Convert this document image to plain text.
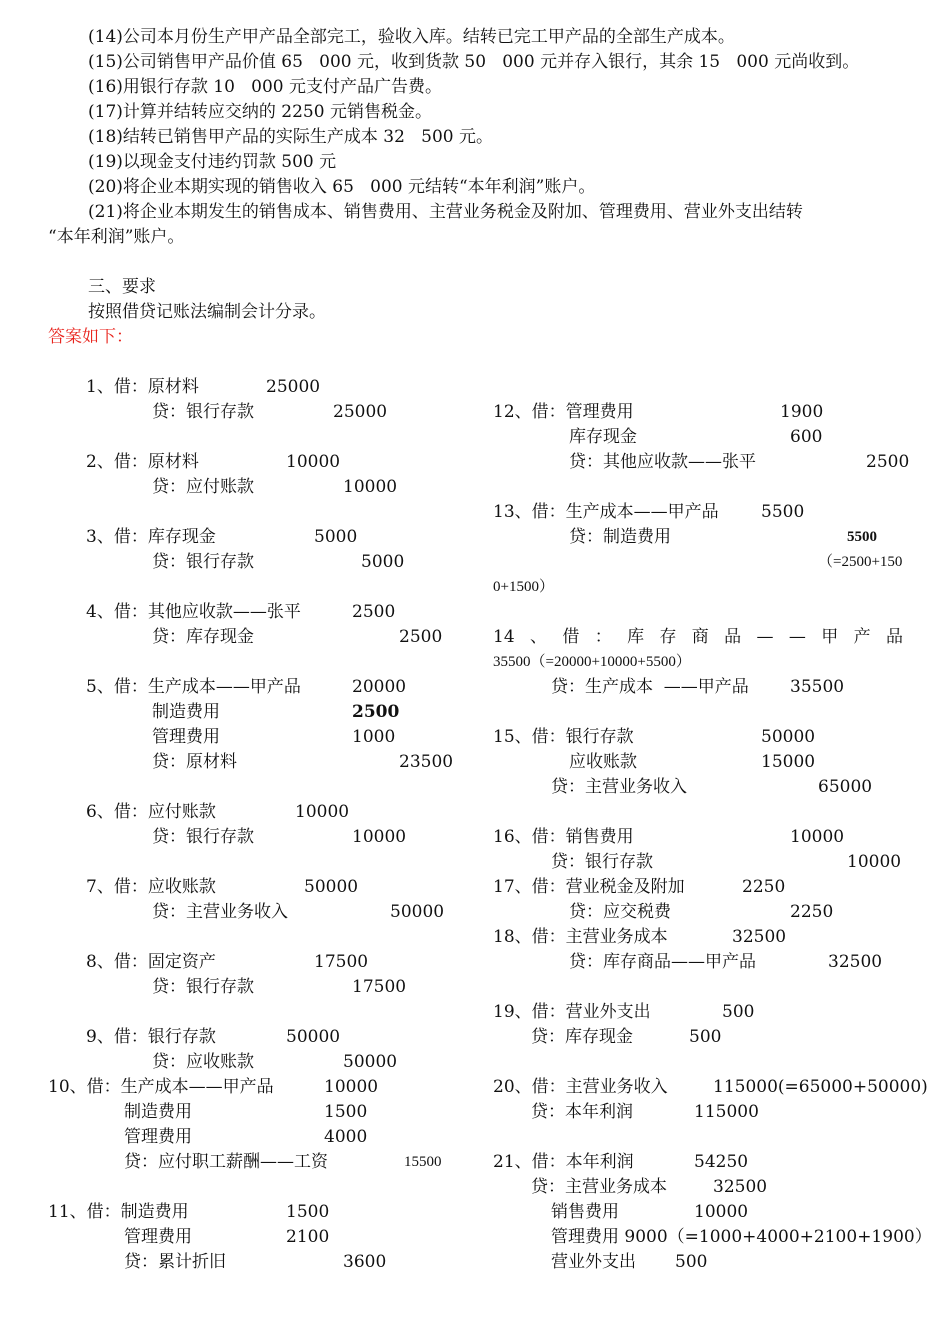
(14)公司本月份生产甲产品全部完工，验收入库。结转已完工甲产品的全部生产成本。
(15)公司销售甲产品价值 65   000 元，收到货款 50   000 元并存入银行，其余 15   000 元尚收到。
(16)用银行存款 10   000 元支付产品广告费。
(17)计算并结转应交纳的 2250 元销售税金。
(18)结转已销售甲产品的实际生产成本 32   500 元。
(19)以现金支付违约罚款 500 元
(20)将企业本期实现的销售收入 65   000 元结转“本年利润”账户。
(21)将企业本期发生的销售成本、销售费用、主营业务税金及附加、管理费用、营业外支出结转
“本年利润”账户。
三、要求
按照借贷记账法编制会计分录。
答案如下：
1、借：原材料	25000
贷：银行存款	25000
2、借：原材料	10000
贷：应付账款	10000
3、借：库存现金	5000
贷：银行存款	5000
4、借：其他应收款——张平	2500
贷：库存现金	2500
5、借：生产成本——甲产品	20000
制造费用	2500
管理费用	1000
贷：原材料	23500
6、借：应付账款	10000
贷：银行存款	10000
7、借：应收账款	50000
贷：主营业务收入	50000
8、借：固定资产	17500
贷：银行存款	17500
9、借：银行存款	50000
贷：应收账款	50000
10、借：生产成本——甲产品	10000
制造费用	1500
管理费用	4000
贷：应付职工薪酬——工资	15500
11、借：制造费用	1500
管理费用	2100
贷：累计折旧	3600
12、借：管理费用	1900
库存现金	600
贷：其他应收款——张平	2500
13、借：生产成本——甲产品 5500
贷：制造费用	5500
（=2500+150
0+1500）
14 、 借 ： 库 存 商 品 — — 甲 产 品
35500（=20000+10000+5500）
贷：生产成本  ——甲产品 35500
15、借：银行存款	50000
应收账款	15000
贷：主营业务收入	65000
16、借：销售费用	10000
贷：银行存款	10000
17、借：营业税金及附加	2250
贷：应交税费	2250
18、借：主营业务成本	32500
贷：库存商品——甲产品	32500
19、借：营业外支出	500
贷：库存现金	500
20、借：主营业务收入	115000(=65000+50000)
贷：本年利润	115000
21、借：本年利润	54250
贷：主营业务成本	32500
销售费用	10000
管理费用 9000（=1000+4000+2100+1900）
营业外支出 500
